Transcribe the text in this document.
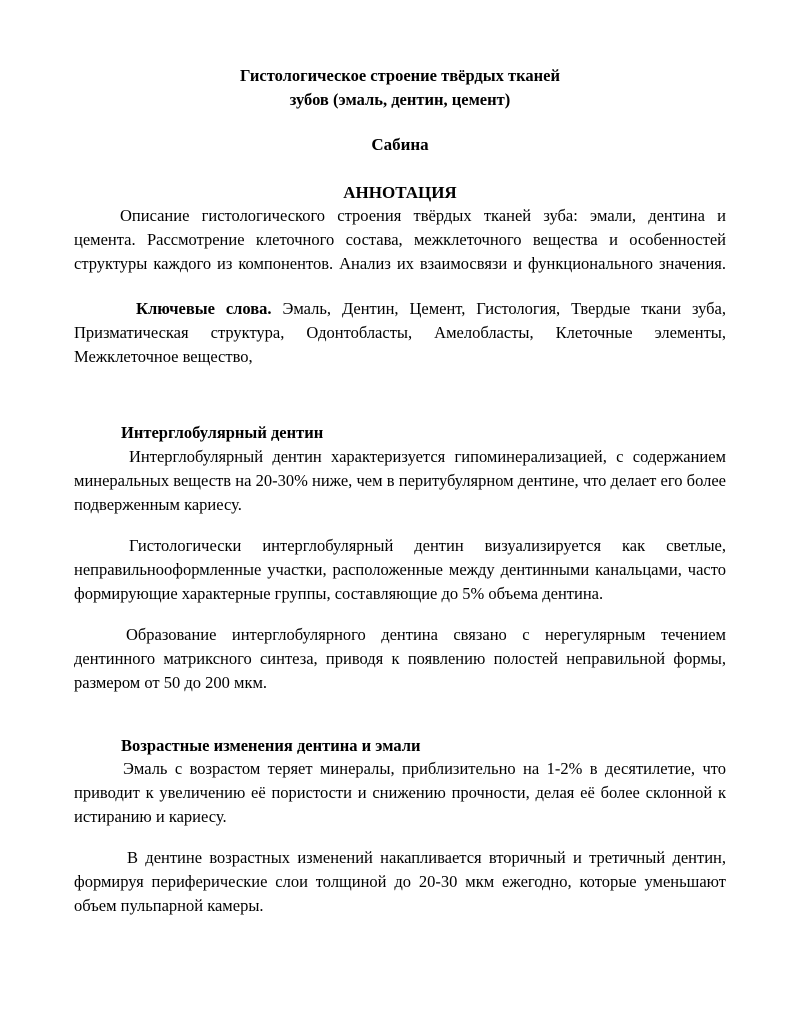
Гистологическое строение твёрдых тканей
зубов (эмаль, дентин, цемент)
Сабина
АННОТАЦИЯ

Описание гистологического строения твёрдых тканей зуба: эмали, дентина и цемента. Рассмотрение клеточного состава, межклеточного вещества и особенностей структуры каждого из компонентов. Анализ их взаимосвязи и функционального значения.

Ключевые слова. Эмаль, Дентин, Цемент, Гистология, Твердые ткани зуба, Призматическая структура, Одонтобласты, Амелобласты, Клеточные элементы, Межклеточное вещество,

Интерглобулярный дентин

Интерглобулярный дентин характеризуется гипоминерализацией, с содержанием минеральных веществ на 20-30% ниже, чем в перитубулярном дентине, что делает его более подверженным кариесу.

Гистологически интерглобулярный дентин визуализируется как светлые, неправильнооформленные участки, расположенные между дентинными канальцами, часто формирующие характерные группы, составляющие до 5% объема дентина.

Образование интерглобулярного дентина связано с нерегулярным течением дентинного матриксного синтеза, приводя к появлению полостей неправильной формы, размером от 50 до 200 мкм.

Возрастные изменения дентина и эмали

Эмаль с возрастом теряет минералы, приблизительно на 1-2% в десятилетие, что приводит к увеличению её пористости и снижению прочности, делая её более склонной к истиранию и кариесу.

В дентине возрастных изменений накапливается вторичный и третичный дентин, формируя периферические слои толщиной до 20-30 мкм ежегодно, которые уменьшают объем пульпарной камеры.
